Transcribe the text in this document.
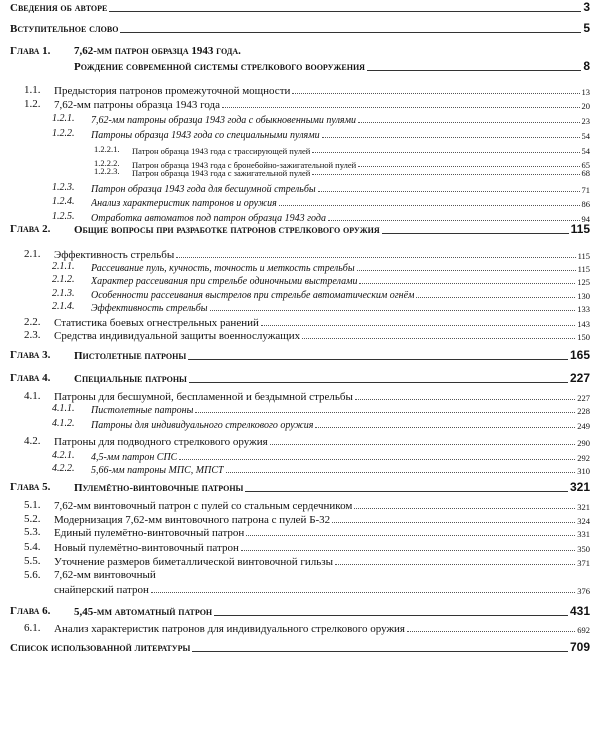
Сведения об авторе	3
Вступительное слово	5
Глава 1. 7,62-мм патрон образца 1943 года.
Рождение современной системы стрелкового вооружения	8
1.1. Предыстория патронов промежуточной мощности	13
1.2. 7,62-мм патроны образца 1943 года	20
1.2.1. 7,62-мм патроны образца 1943 года с обыкновенными пулями	23
1.2.2. Патроны образца 1943 года со специальными пулями	54
1.2.2.1. Патрон образца 1943 года с трассирующей пулей	54
1.2.2.2. Патрон образца 1943 года с бронебойно-зажигательной пулей	65
1.2.2.3. Патрон образца 1943 года с зажигательной пулей	68
1.2.3. Патрон образца 1943 года для бесшумной стрельбы	71
1.2.4. Анализ характеристик патронов и оружия	86
1.2.5. Отработка автоматов под патрон образца 1943 года	94
Глава 2. Общие вопросы при разработке патронов стрелкового оружия	115
2.1. Эффективность стрельбы	115
2.1.1. Рассеивание пуль, кучность, точность и меткость стрельбы	115
2.1.2. Характер рассеивания при стрельбе одиночными выстрелами	125
2.1.3. Особенности рассеивания выстрелов при стрельбе автоматическим огнём	130
2.1.4. Эффективность стрельбы	133
2.2. Статистика боевых огнестрельных ранений	143
2.3. Средства индивидуальной защиты военнослужащих	150
Глава 3. Пистолетные патроны	165
Глава 4. Специальные патроны	227
4.1. Патроны для бесшумной, беспламенной и бездымной стрельбы	227
4.1.1. Пистолетные патроны	228
4.1.2. Патроны для индивидуального стрелкового оружия	249
4.2. Патроны для подводного стрелкового оружия	290
4.2.1. 4,5-мм патрон СПС	292
4.2.2. 5,66-мм патроны МПС, МПСТ	310
Глава 5. Пулемётно-винтовочные патроны	321
5.1. 7,62-мм винтовочный патрон с пулей со стальным сердечником	321
5.2. Модернизация 7,62-мм винтовочного патрона с пулей Б-32	324
5.3. Единый пулемётно-винтовочный патрон	331
5.4. Новый пулемётно-винтовочный патрон	350
5.5. Уточнение размеров биметаллической винтовочной гильзы	371
5.6. 7,62-мм винтовочный
снайперский патрон	376
Глава 6. 5,45-мм автоматный патрон	431
6.1. Анализ характеристик патронов для индивидуального стрелкового оружия	692
Список использованной литературы	709
